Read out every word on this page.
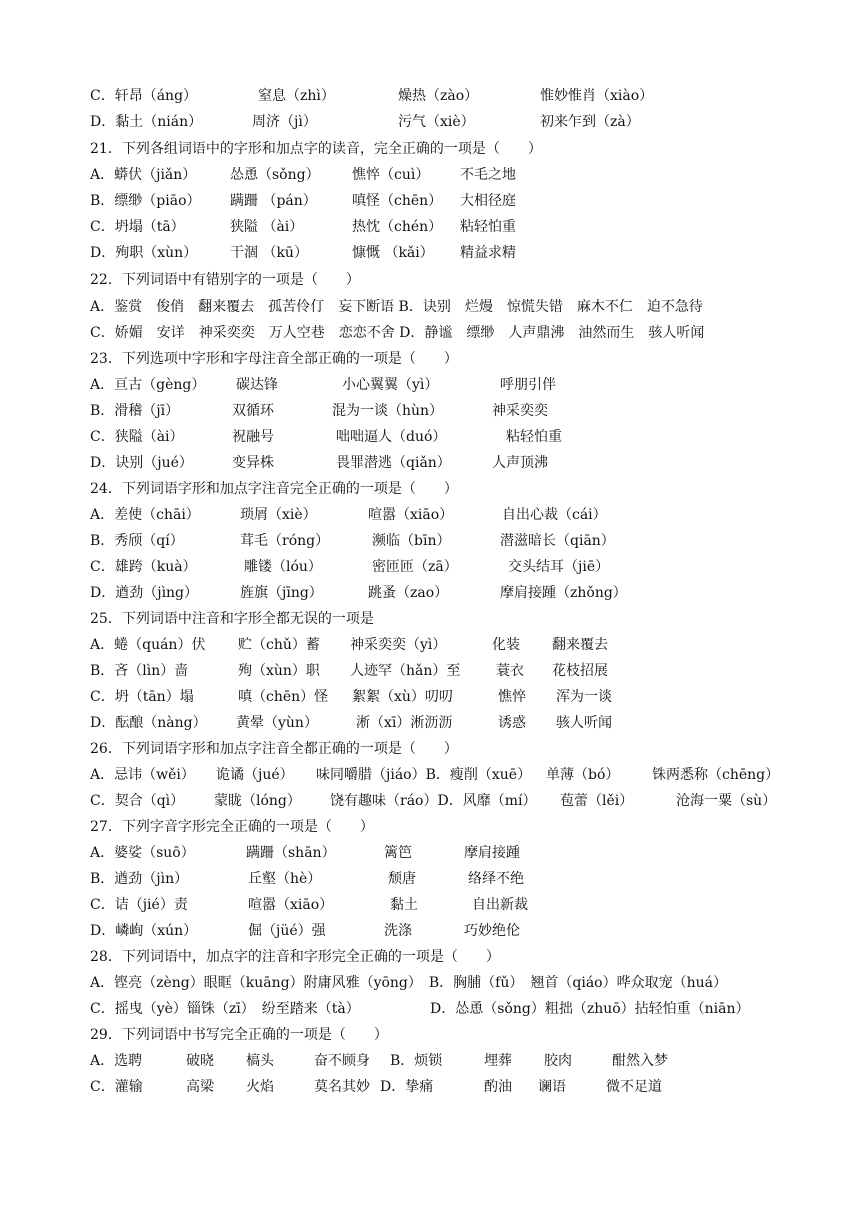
C．轩昂（áng）	窒息（zhì）	燥热（zào）	惟妙惟肖（xiào）
D．黏土（nián）	周济（jì）	污气（xiè）	初来乍到（zà）
21．下列各组词语中的字形和加点字的读音，完全正确的一项是（　　）
A．蟒伏（jiǎn） 怂恿（sǒng） 憔悴（cuì） 不毛之地
B．缥缈（piāo） 蹒跚 （pán）	嗔怪（chēn） 大相径庭
C．坍塌（tā）	狭隘 （ài）	热忱（chén） 粘轻怕重
D．殉职（xùn） 干涸 （kū）	慷慨 （kǎi） 精益求精
22．下列词语中有错别字的一项是（　　）
A．鉴赏　俊俏　翻来覆去　孤苦伶仃　妄下断语 B．诀别　烂熳　惊慌失错　麻木不仁　迫不急待
C．娇媚　安详　神采奕奕　万人空巷　恋恋不舍 D．静谧　缥缈　人声鼎沸　油然而生　骇人听闻
23．下列选项中字形和字母注音全部正确的一项是（　　）
A．亘古（gèng） 碳达锋	小心翼翼（yì）	呼朋引伴
B．滑稽（jī）	双循环	混为一谈（hùn）	神采奕奕
C．狭隘（ài）	祝融号	咄咄逼人（duó）	粘轻怕重
D．诀别（jué）	变异株	畏罪潜逃（qiǎn）	人声顶沸
24．下列词语字形和加点字注音完全正确的一项是（　　）
A．差使（chāi）	琐屑（xiè）	喧嚣（xiāo）	自出心裁（cái）
B．秀颀（qí）	茸毛（róng）	濒临（bīn）	潜滋暗长（qiān）
C．雄跨（kuà）	雕镂（lóu）	密匝匝（zā）	交头结耳（jiē）
D．遒劲（jìng）	旌旗（jīng）	跳蚤（zao）	摩肩接踵（zhǒng）
25．下列词语中注音和字形全都无误的一项是
A．蜷（quán）伏 贮（chǔ）蓄 神采奕奕（yì）	化装 翻来覆去
B．吝（lìn）啬	殉（xùn）职 人迹罕（hǎn）至	蓑衣 花枝招展
C．坍（tān）塌	嗔（chēn）怪 絮絮（xù）叨叨	憔悴 浑为一谈
D．酝酿（nàng） 黄晕（yùn）	淅（xī）淅沥沥	诱惑 骇人听闻
26．下列词语字形和加点字注音全都正确的一项是（　　）
A．忌讳（wěi） 诡谲（jué） 味同嚼腊（jiáo）B．瘦削（xuē） 单薄（bó） 铢两悉称（chēng）
C．契合（qì） 蒙眬（lóng） 饶有趣味（ráo）D．风靡（mí） 苞蕾（lěi）	沧海一粟（sù）
27．下列字音字形完全正确的一项是（　　）
A．婆娑（suō）	蹒跚（shān）	篱笆	摩肩接踵
B．遒劲（jìn）	丘壑（hè）	颓唐	络绎不绝
C．诘（jié）责	喧嚣（xiāo）	黏土	自出新裁
D．嶙峋（xún）	倔（jüé）强	洗涤	巧妙绝伦
28．下列词语中，加点字的注音和字形完全正确的一项是（　　）
A．铿亮（zèng）眼眶（kuāng）附庸风雅（yōng）　B．胸脯（fǔ）　翘首（qiáo）哗众取宠（huá）
C．摇曳（yè）锱铢（zī）　纷至踏来（tà）	D．怂恿（sǒng）粗拙（zhuō）拈轻怕重（niān）
29．下列词语中书写完全正确的一项是（　　）
A．选聘	破晓 槁头	奋不顾身 B．烦锁	埋葬 胶肉	酣然入梦
C．灌输	高梁 火焰	莫名其妙 D．挚痛	酌油 谰语	微不足道
